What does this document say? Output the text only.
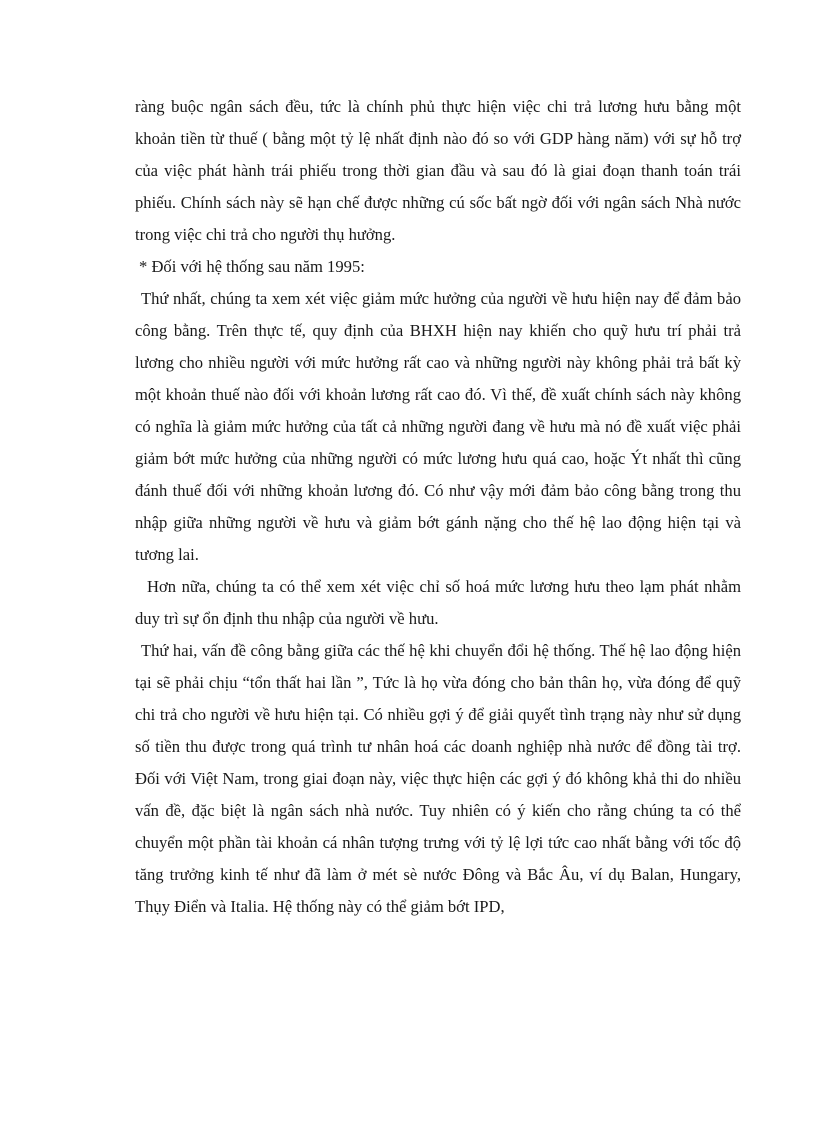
ràng buộc ngân sách đều, tức là chính phủ thực hiện việc chi trả lương hưu bằng một khoản tiền từ thuế ( bằng một tỷ lệ nhất định nào đó so với GDP hàng năm) với sự hỗ trợ của việc phát hành trái phiếu trong thời gian đầu và sau đó là giai đoạn thanh toán trái phiếu. Chính sách này sẽ hạn chế được những cú sốc bất ngờ đối với ngân sách Nhà nước trong việc chi trả cho người thụ hưởng.

* Đối với hệ thống sau năm 1995:

Thứ nhất, chúng ta xem xét việc giảm mức hưởng của người về hưu hiện nay để đảm bảo công bằng. Trên thực tế, quy định của BHXH hiện nay khiến cho quỹ hưu trí phải trả lương cho nhiều người với mức hưởng rất cao và những người này không phải trả bất kỳ một khoản thuế nào đối với khoản lương rất cao đó. Vì thế, đề xuất chính sách này không có nghĩa là giảm mức hưởng của tất cả những người đang về hưu mà nó đề xuất việc phải giảm bớt mức hưởng của những người có mức lương hưu quá cao, hoặc Ýt nhất thì cũng đánh thuế đối với những khoản lương đó. Có như vậy mới đảm bảo công bằng trong thu nhập giữa những người về hưu và giảm bớt gánh nặng cho thế hệ lao động hiện tại và tương lai.

Hơn nữa, chúng ta có thể xem xét việc chỉ số hoá mức lương hưu theo lạm phát nhằm duy trì sự ổn định thu nhập của người về hưu.

Thứ hai, vấn đề công bằng giữa các thế hệ khi chuyển đổi hệ thống. Thế hệ lao động hiện tại sẽ phải chịu “tổn thất hai lần ”, Tức là họ vừa đóng cho bản thân họ, vừa đóng để quỹ chi trả cho người về hưu hiện tại. Có nhiều gợi ý để giải quyết tình trạng này như sử dụng số tiền thu được trong quá trình tư nhân hoá các doanh nghiệp nhà nước để đồng tài trợ. Đối với Việt Nam, trong giai đoạn này, việc thực hiện các gợi ý đó không khả thi do nhiều vấn đề, đặc biệt là ngân sách nhà nước. Tuy nhiên có ý kiến cho rằng chúng ta có thể chuyển một phần tài khoản cá nhân tượng trưng với tỷ lệ lợi tức cao nhất bằng với tốc độ tăng trưởng kinh tế như đã làm ở mét sè nước Đông và Bắc Âu, ví dụ Balan, Hungary, Thụy Điển và Italia. Hệ thống này có thể giảm bớt IPD,
